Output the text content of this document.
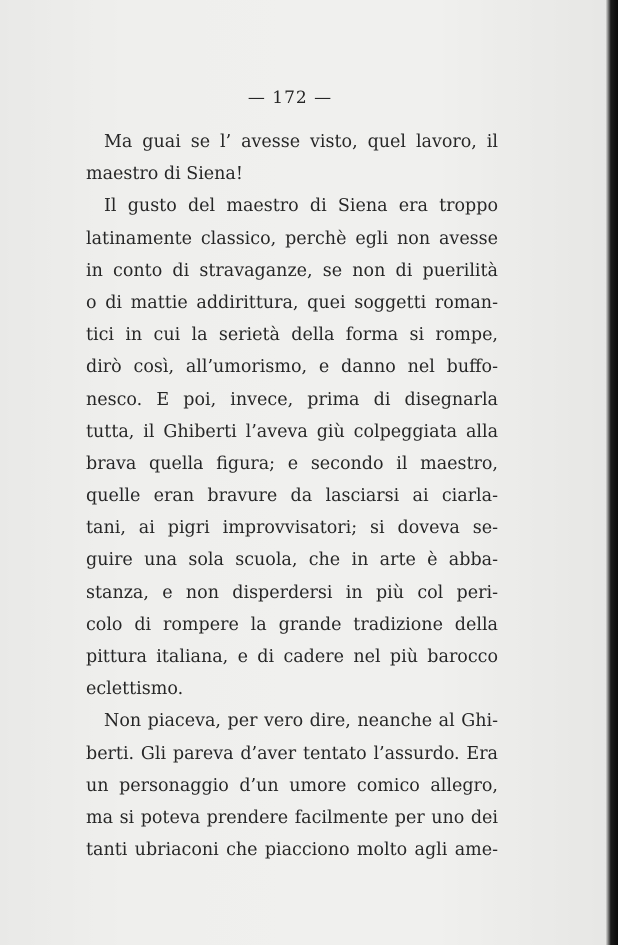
— 172 —
Ma guai se l’ avesse visto, quel lavoro, il
maestro di Siena!
Il gusto del maestro di Siena era troppo
latinamente classico, perchè egli non avesse
in conto di stravaganze, se non di puerilità
o di mattie addirittura, quei soggetti roman-
tici in cui la serietà della forma si rompe,
dirò così, all’umorismo, e danno nel buffo-
nesco. E poi, invece, prima di disegnarla
tutta, il Ghiberti l’aveva giù colpeggiata alla
brava quella figura; e secondo il maestro,
quelle eran bravure da lasciarsi ai ciarla-
tani, ai pigri improvvisatori; si doveva se-
guire una sola scuola, che in arte è abba-
stanza, e non disperdersi in più col peri-
colo di rompere la grande tradizione della
pittura italiana, e di cadere nel più barocco
eclettismo.
Non piaceva, per vero dire, neanche al Ghi-
berti. Gli pareva d’aver tentato l’assurdo. Era
un personaggio d’un umore comico allegro,
ma si poteva prendere facilmente per uno dei
tanti ubriaconi che piacciono molto agli ame-
